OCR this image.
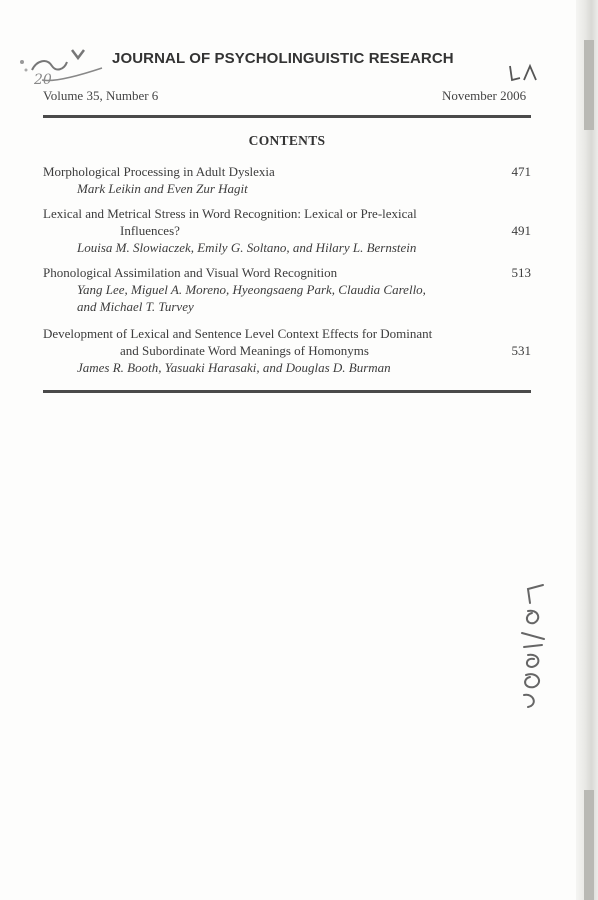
20
JOURNAL OF PSYCHOLINGUISTIC RESEARCH
Volume 35, Number 6	November 2006
CONTENTS
Morphological Processing in Adult Dyslexia
Mark Leikin and Even Zur Hagit
471
Lexical and Metrical Stress in Word Recognition: Lexical or Pre-lexical
Influences?
Louisa M. Slowiaczek, Emily G. Soltano, and Hilary L. Bernstein
491
Phonological Assimilation and Visual Word Recognition
Yang Lee, Miguel A. Moreno, Hyeongsaeng Park, Claudia Carello,
and Michael T. Turvey
513
Development of Lexical and Sentence Level Context Effects for Dominant
and Subordinate Word Meanings of Homonyms
James R. Booth, Yasuaki Harasaki, and Douglas D. Burman
531
